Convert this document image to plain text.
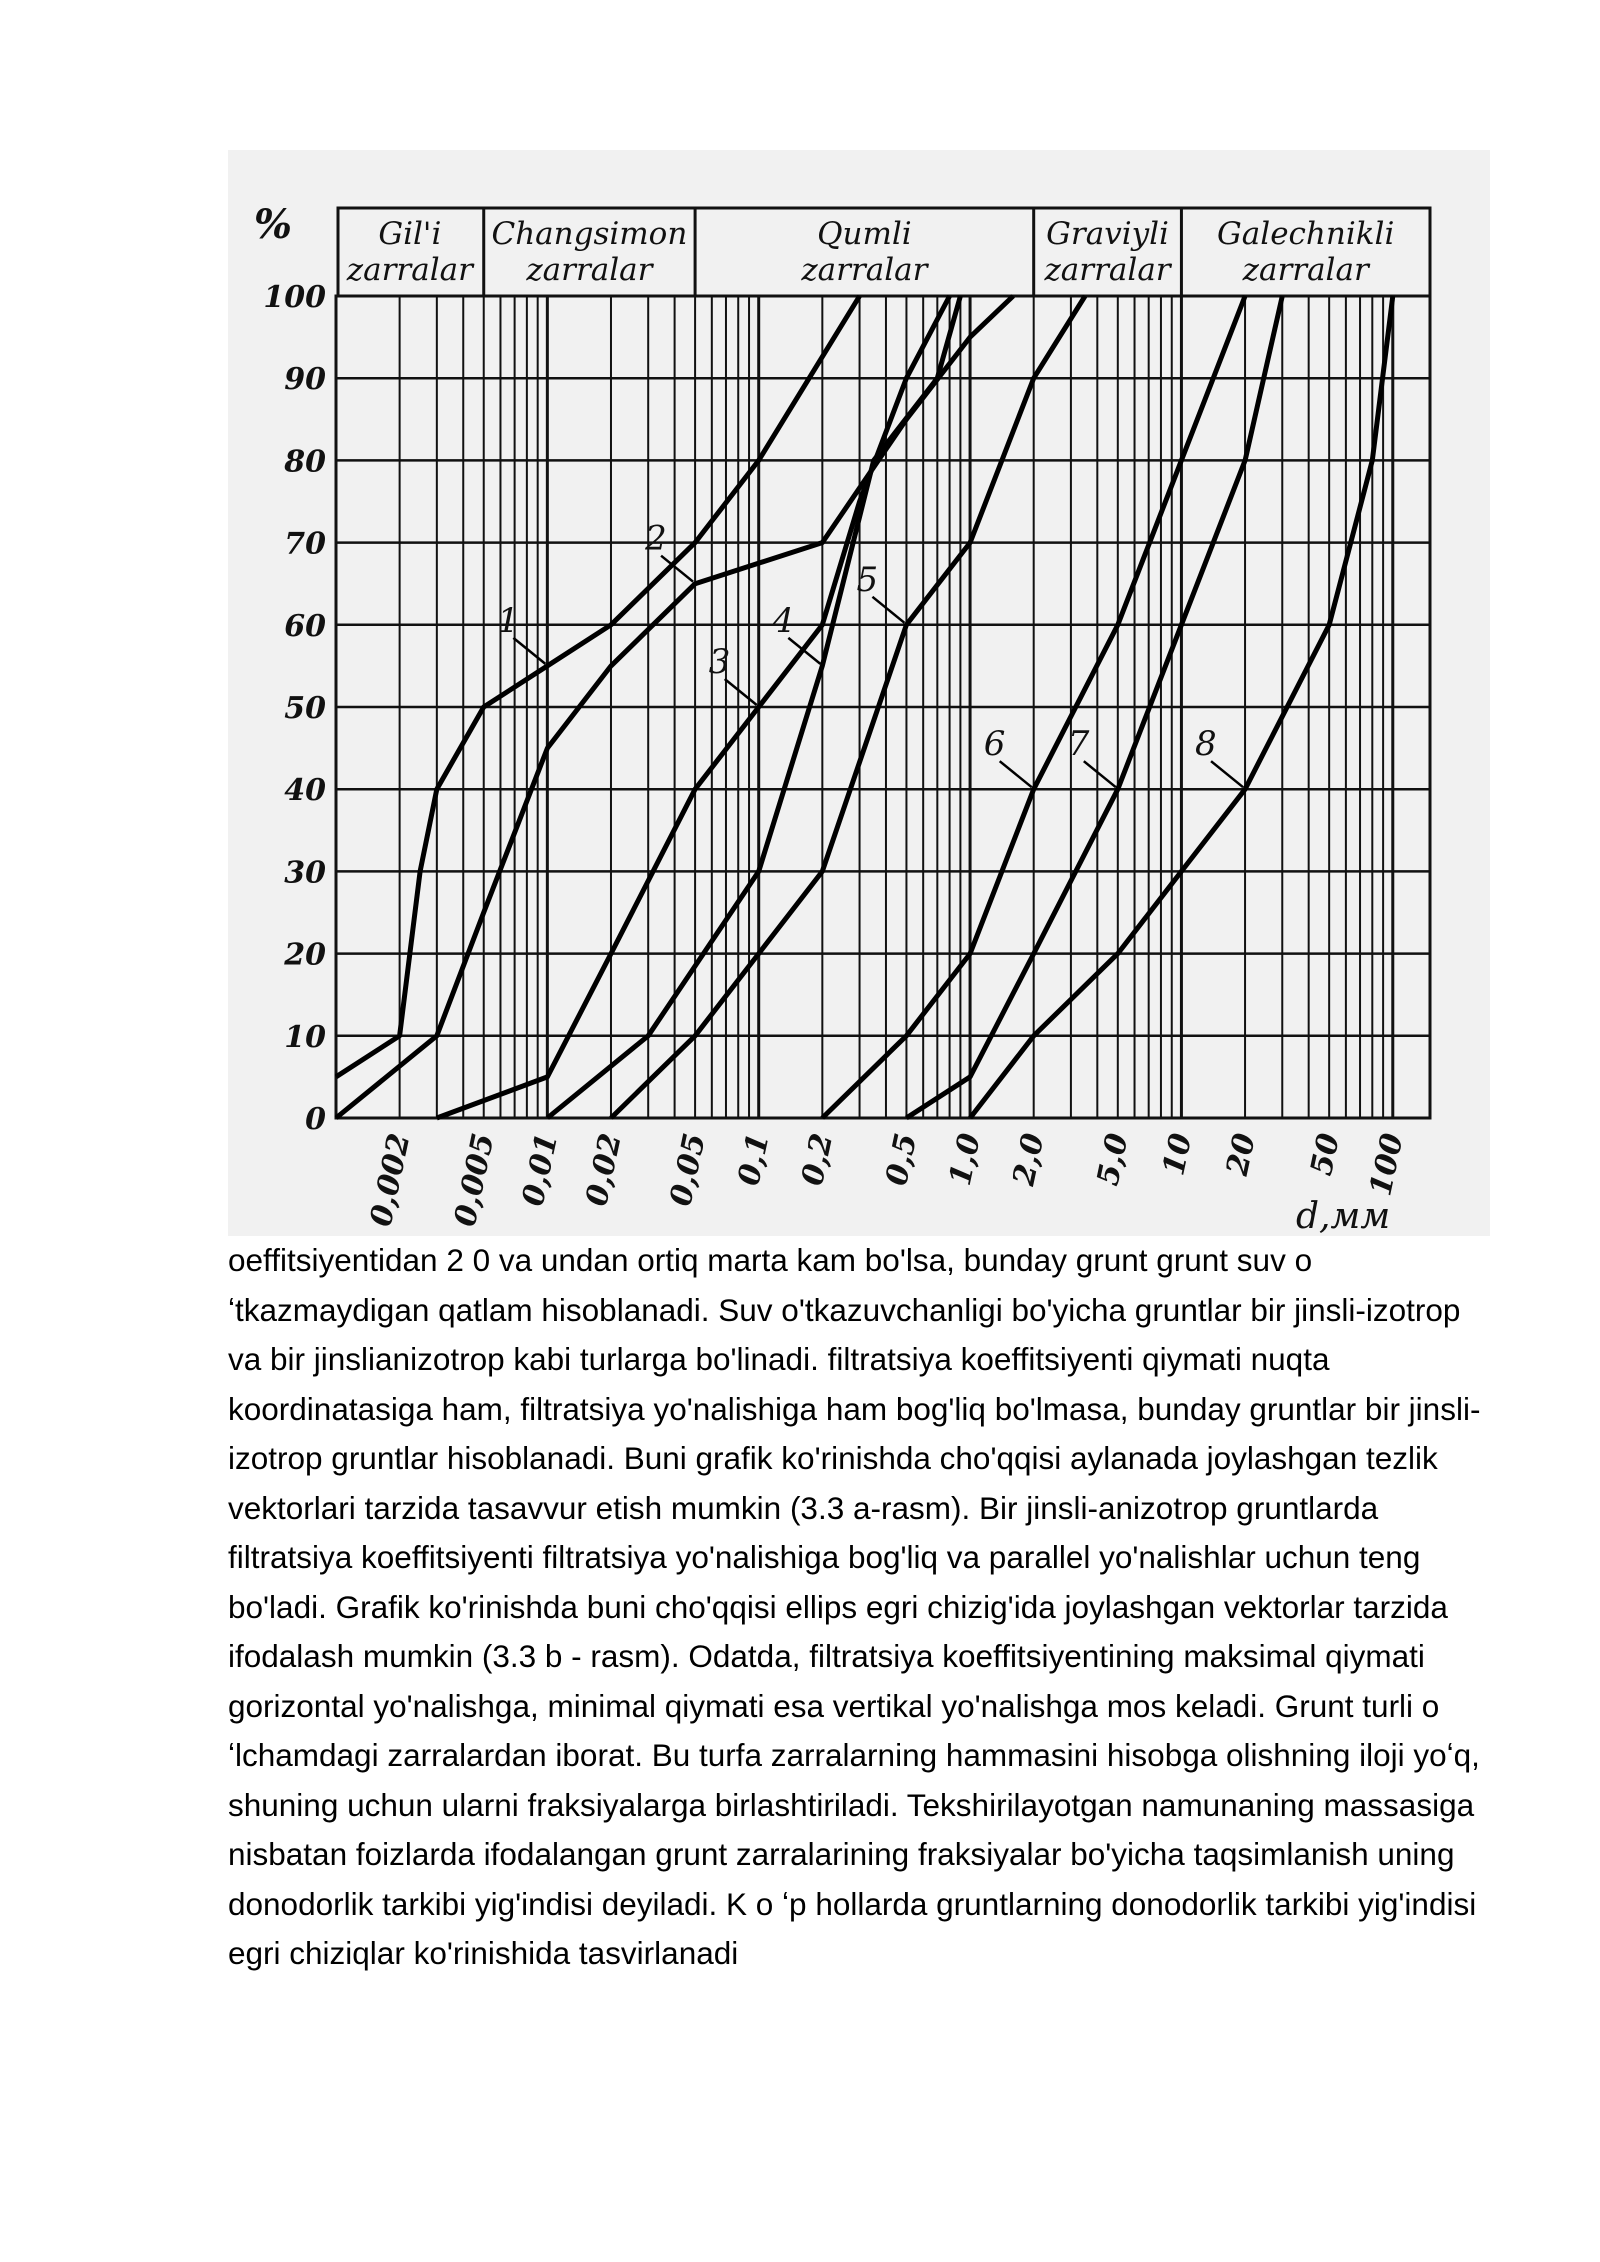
Gil'i zarralar
Changsimon zarralar
Qumli zarralar
Graviyli zarralar
Galechnikli zarralar
1
2
3
4
5
6 7	8
0
10
20
30
40
50
60
70
80
90
100
0,002 0,005 0,01 0,02 0,05 0,1 0,2 0,5 1,0 2,0 5,0 10 20 50 100
%
d,мм

oeffitsiyentidan 2 0 va undan ortiq marta kam bo'lsa, bunday grunt grunt suv o ʻtkazmaydigan qatlam hisoblanadi. Suv o'tkazuvchanligi bo'yicha gruntlar bir jinsli-izotrop va bir jinslianizotrop kabi turlarga bo'linadi. filtratsiya koeffitsiyenti qiymati nuqta koordinatasiga ham, filtratsiya yo'nalishiga ham bog'liq bo'lmasa, bunday gruntlar bir jinsli-izotrop gruntlar hisoblanadi. Buni grafik ko'rinishda cho'qqisi aylanada joylashgan tezlik vektorlari tarzida tasavvur etish mumkin (3.3 a-rasm). Bir jinsli-anizotrop gruntlarda filtratsiya koeffitsiyenti filtratsiya yo'nalishiga bog'liq va parallel yo'nalishlar uchun teng bo'ladi. Grafik ko'rinishda buni cho'qqisi ellips egri chizig'ida joylashgan vektorlar tarzida ifodalash mumkin (3.3 b - rasm). Odatda, filtratsiya koeffitsiyentining maksimal qiymati gorizontal yo'nalishga, minimal qiymati esa vertikal yo'nalishga mos keladi. Grunt turli o ʻlchamdagi zarralardan iborat. Bu turfa zarralarning hammasini hisobga olishning iloji yoʻq, shuning uchun ularni fraksiyalarga birlashtiriladi. Tekshirilayotgan namunaning massasiga nisbatan foizlarda ifodalangan grunt zarralarining fraksiyalar bo'yicha taqsimlanish uning donodorlik tarkibi yig'indisi deyiladi. K o ʻp hollarda gruntlarning donodorlik tarkibi yig'indisi egri chiziqlar ko'rinishida tasvirlanadi
